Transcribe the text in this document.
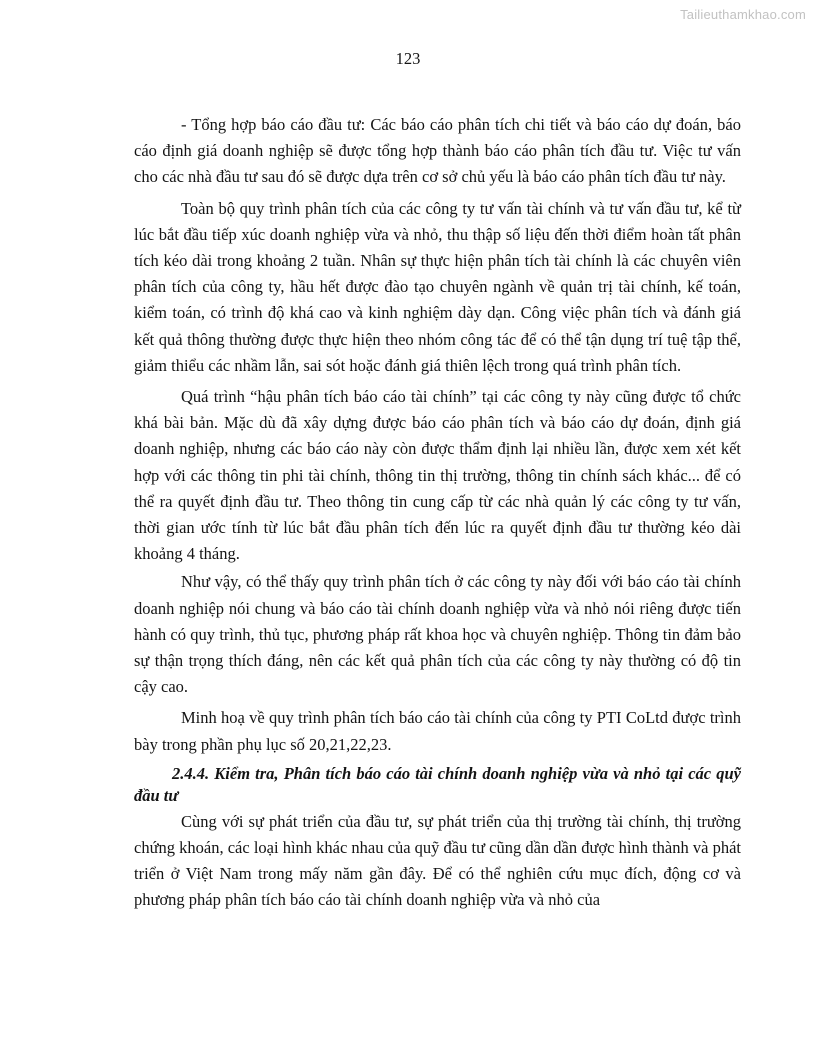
Tailieuthamkhao.com
123

- Tổng hợp báo cáo đầu tư: Các báo cáo phân tích chi tiết và báo cáo dự đoán, báo cáo định giá doanh nghiệp sẽ được tổng hợp thành báo cáo phân tích đầu tư. Việc tư vấn cho các nhà đầu tư sau đó sẽ được dựa trên cơ sở chủ yếu là báo cáo phân tích đầu tư này.

Toàn bộ quy trình phân tích của các công ty tư vấn tài chính và tư vấn đầu tư, kể từ lúc bắt đầu tiếp xúc doanh nghiệp vừa và nhỏ, thu thập số liệu đến thời điểm hoàn tất phân tích kéo dài trong khoảng 2 tuần. Nhân sự thực hiện phân tích tài chính là các chuyên viên phân tích của công ty, hầu hết được đào tạo chuyên ngành về quản trị tài chính, kế toán, kiểm toán, có trình độ khá cao và kinh nghiệm dày dạn. Công việc phân tích và đánh giá kết quả thông thường được thực hiện theo nhóm công tác để có thể tận dụng trí tuệ tập thể, giảm thiểu các nhầm lẫn, sai sót hoặc đánh giá thiên lệch trong quá trình phân tích.

Quá trình “hậu phân tích báo cáo tài chính” tại các công ty này cũng được tổ chức khá bài bản. Mặc dù đã xây dựng được báo cáo phân tích và báo cáo dự đoán, định giá doanh nghiệp, nhưng các báo cáo này còn được thẩm định lại nhiều lần, được xem xét kết hợp với các thông tin phi tài chính, thông tin thị trường, thông tin chính sách khác... để có thể ra quyết định đầu tư. Theo thông tin cung cấp từ các nhà quản lý các công ty tư vấn, thời gian ước tính từ lúc bắt đầu phân tích đến lúc ra quyết định đầu tư thường kéo dài khoảng 4 tháng.

Như vậy, có thể thấy quy trình phân tích ở các công ty này đối với báo cáo tài chính doanh nghiệp nói chung và báo cáo tài chính doanh nghiệp vừa và nhỏ nói riêng được tiến hành có quy trình, thủ tục, phương pháp rất khoa học và chuyên nghiệp. Thông tin đảm bảo sự thận trọng thích đáng, nên các kết quả phân tích của các công ty này thường có độ tin cậy cao.

Minh hoạ về quy trình phân tích báo cáo tài chính của công ty PTI CoLtd được trình bày trong phần phụ lục số 20,21,22,23.

2.4.4. Kiểm tra, Phân tích báo cáo tài chính doanh nghiệp vừa và nhỏ tại các quỹ đầu tư

Cùng với sự phát triển của đầu tư, sự phát triển của thị trường tài chính, thị trường chứng khoán, các loại hình khác nhau của quỹ đầu tư cũng dần dần được hình thành và phát triển ở Việt Nam trong mấy năm gần đây. Để có thể nghiên cứu mục đích, động cơ và phương pháp phân tích báo cáo tài chính doanh nghiệp vừa và nhỏ của
